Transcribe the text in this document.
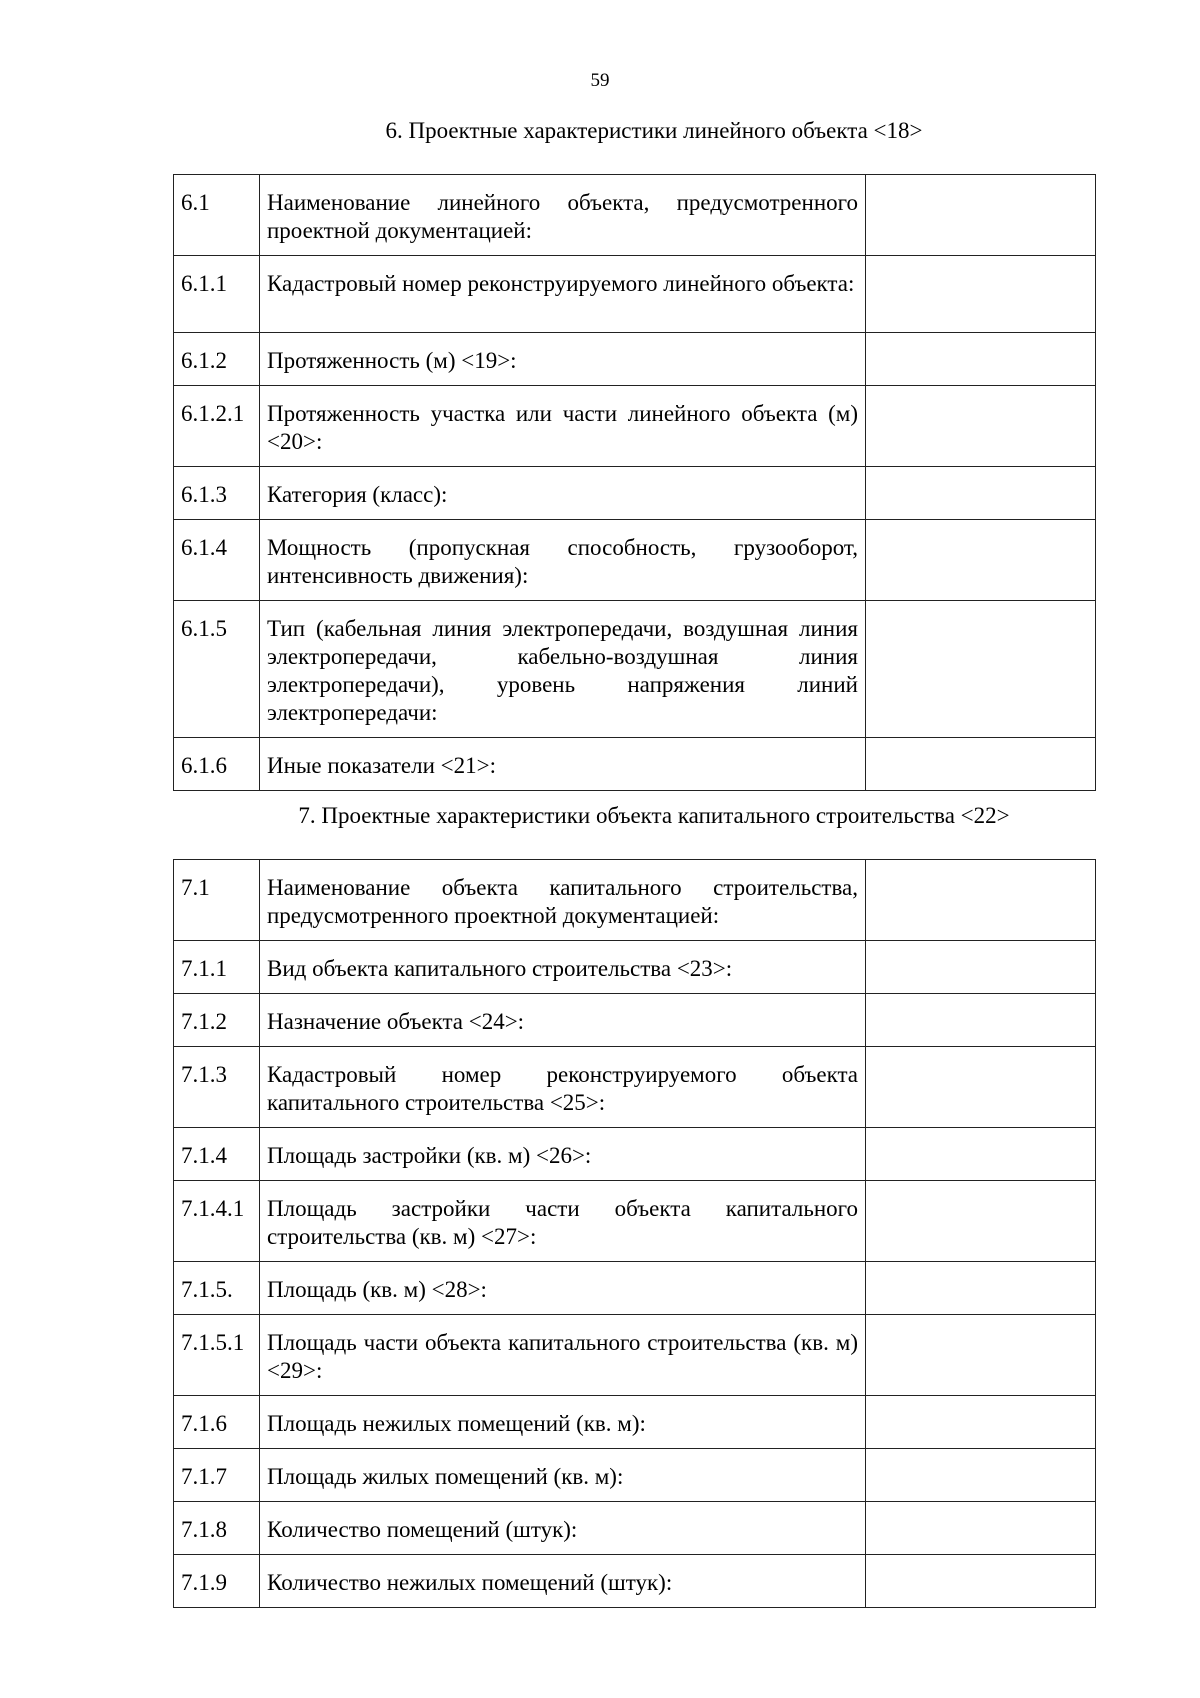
59
6. Проектные характеристики линейного объекта <18>
6.1	Наименование линейного объекта, предусмотренного проектной документацией:	
6.1.1	Кадастровый номер реконструируемого линейного объекта:	
6.1.2	Протяженность (м) <19>:	
6.1.2.1	Протяженность участка или части линейного объекта (м) <20>:	
6.1.3	Категория (класс):	
6.1.4	Мощность (пропускная способность, грузооборот, интенсивность движения):	
6.1.5	Тип (кабельная линия электропередачи, воздушная линия электропередачи, кабельно-воздушная линия электропередачи), уровень напряжения линий электропередачи:	
6.1.6	Иные показатели <21>:	
7. Проектные характеристики объекта капитального строительства <22>
7.1	Наименование объекта капитального строительства, предусмотренного проектной документацией:	
7.1.1	Вид объекта капитального строительства <23>:	
7.1.2	Назначение объекта <24>:	
7.1.3	Кадастровый номер реконструируемого объекта капитального строительства <25>:	
7.1.4	Площадь застройки (кв. м) <26>:	
7.1.4.1	Площадь застройки части объекта капитального строительства (кв. м) <27>:	
7.1.5.	Площадь (кв. м) <28>:	
7.1.5.1	Площадь части объекта капитального строительства (кв. м) <29>:	
7.1.6	Площадь нежилых помещений (кв. м):	
7.1.7	Площадь жилых помещений (кв. м):	
7.1.8	Количество помещений (штук):	
7.1.9	Количество нежилых помещений (штук):	
